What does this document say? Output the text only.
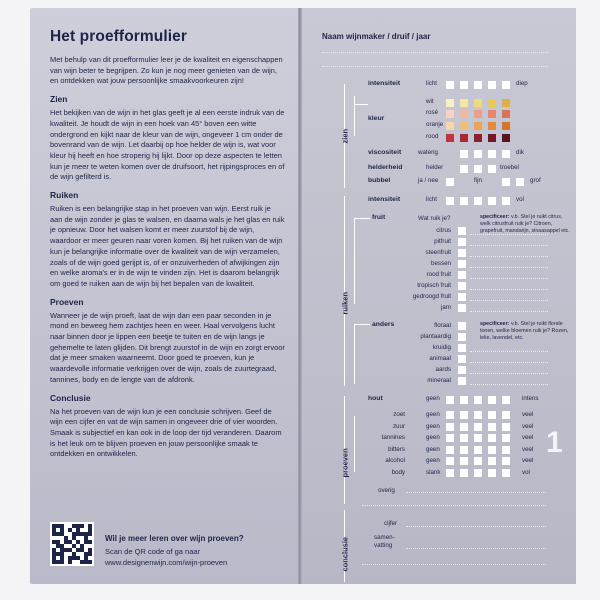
Het proefformulier
Met behulp van dit proefformulier leer je de kwaliteit en eigenschappen van wijn beter te begrijpen. Zo kun je nog meer genieten van de wijn, en ontdekken wat jouw persoonlijke smaakvoorkeuren zijn!
Zien
Het bekijken van de wijn in het glas geeft je al een eerste indruk van de kwaliteit. Je houdt de wijn in een hoek van 45° boven een witte ondergrond en kijkt naar de kleur van de wijn, ongeveer 1 cm onder de bovenrand van de wijn. Let daarbij op hoe helder de wijn is, wat voor kleur hij heeft en hoe stroperig hij lijkt. Door op deze aspecten te letten kun je meer te weten komen over de druifsoort, het rijpingsproces en of de wijn gefilterd is.
Ruiken
Ruiken is een belangrijke stap in het proeven van wijn. Eerst ruik je aan de wijn zonder je glas te walsen, en daarna wals je het glas en ruik je opnieuw. Door het walsen komt er meer zuurstof bij de wijn, waardoor er meer geuren naar voren komen. Bij het ruiken van de wijn kun je belangrijke informatie over de kwaliteit van de wijn verzamelen, zoals of de wijn goed gerijpt is, of er onzuiverheden of afwijkingen zijn en welke aroma's er in de wijn te vinden zijn. Het is daarom belangrijk om goed te ruiken aan de wijn bij het bepalen van de kwaliteit.
Proeven
Wanneer je de wijn proeft, laat de wijn dan een paar seconden in je mond en beweeg hem zachtjes heen en weer. Haal vervolgens lucht naar binnen door je lippen een beetje te tuiten en de wijn langs je gehemelte te laten glijden. Dit brengt zuurstof in de wijn en zorgt ervoor dat je meer smaken waarneemt. Door goed te proeven, kun je waardevolle informatie verkrijgen over de wijn, zoals de zuurtegraad, tannines, body en de lengte van de afdronk.
Conclusie
Na het proeven van de wijn kun je een conclusie schrijven. Geef de wijn een cijfer en vat de wijn samen in ongeveer drie of vier woorden. Smaak is subjectief en kan ook in de loop der tijd veranderen. Daarom is het leuk om te blijven proeven en jouw persoonlijke smaak te ontdekken en ontwikkelen.
Wil je meer leren over wijn proeven?
Scan de QR code of ga naar
www.designenwijn.com/wijn-proeven
Naam wijnmaker / druif / jaar
zien
ruiken
proeven
conclusie
intensiteit	licht	diep
kleur
wit
rosé
oranje
rood
viscositeit	waterig	dik
helderheid	helder	troebel
bubbel	ja / nee	fijn	grof
intensiteit	licht	vol
fruit	Wat ruik je?	specificeer: v.b. Stel je ruikt citrus, welk citrusfruit ruik je? Citroen, grapefruit, mandarijn, sinaasappel etc.
anders	specificeer: v.b. Stel je ruikt florale tonen, welke bloemen ruik je? Rozen, lelie, lavendel, etc.
hout	geen	intens
overig
1
cijfer
samen-
vatting
citrus
pitfruit
steenfruit
bessen
rood fruit
tropisch fruit
gedroogd fruit
jam
floraal
plantaardig
kruidig
animaal
aards
mineraal
zoet	geen	veel
zuur	geen	veel
tannines	geen	veel
bitters	geen	veel
alcohol	geen	veel
body	slank	vol
